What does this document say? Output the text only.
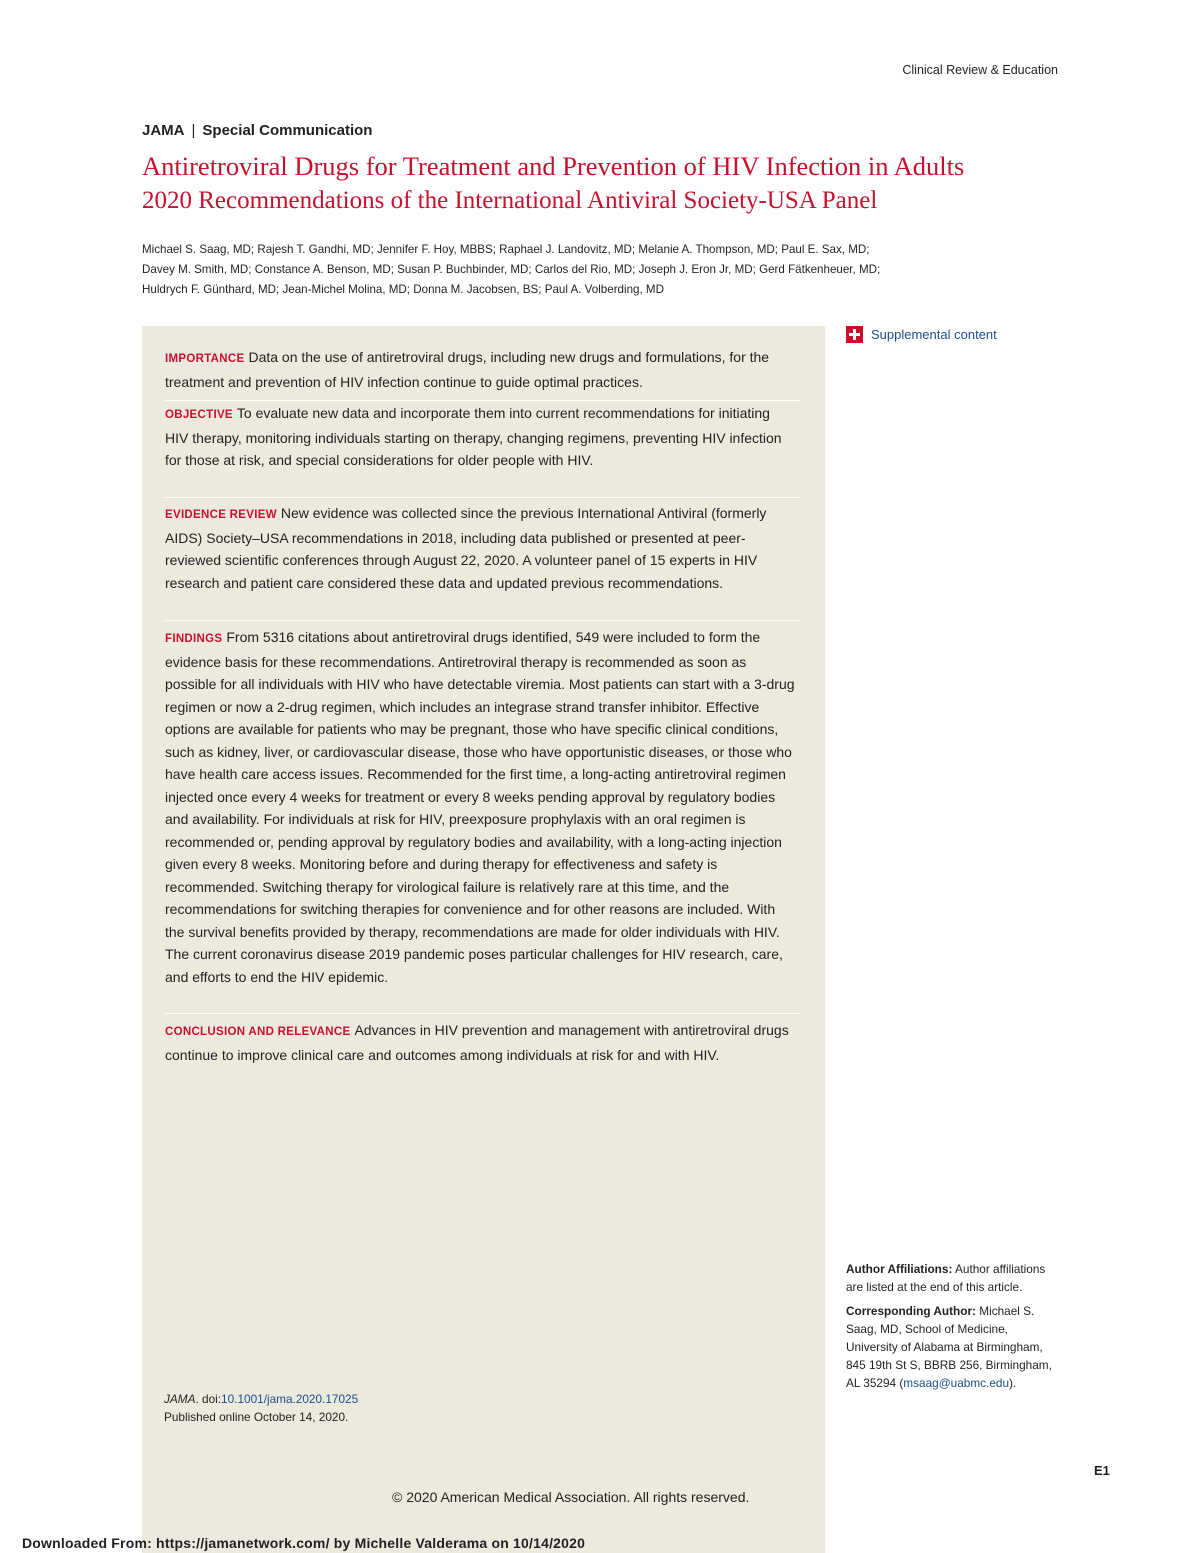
Clinical Review & Education
JAMA | Special Communication
Antiretroviral Drugs for Treatment and Prevention of HIV Infection in Adults
2020 Recommendations of the International Antiviral Society-USA Panel
Michael S. Saag, MD; Rajesh T. Gandhi, MD; Jennifer F. Hoy, MBBS; Raphael J. Landovitz, MD; Melanie A. Thompson, MD; Paul E. Sax, MD;
Davey M. Smith, MD; Constance A. Benson, MD; Susan P. Buchbinder, MD; Carlos del Rio, MD; Joseph J. Eron Jr, MD; Gerd Fätkenheuer, MD;
Huldrych F. Günthard, MD; Jean-Michel Molina, MD; Donna M. Jacobsen, BS; Paul A. Volberding, MD
IMPORTANCE Data on the use of antiretroviral drugs, including new drugs and formulations, for the treatment and prevention of HIV infection continue to guide optimal practices.
OBJECTIVE To evaluate new data and incorporate them into current recommendations for initiating HIV therapy, monitoring individuals starting on therapy, changing regimens, preventing HIV infection for those at risk, and special considerations for older people with HIV.
EVIDENCE REVIEW New evidence was collected since the previous International Antiviral (formerly AIDS) Society–USA recommendations in 2018, including data published or presented at peer-reviewed scientific conferences through August 22, 2020. A volunteer panel of 15 experts in HIV research and patient care considered these data and updated previous recommendations.
FINDINGS From 5316 citations about antiretroviral drugs identified, 549 were included to form the evidence basis for these recommendations. Antiretroviral therapy is recommended as soon as possible for all individuals with HIV who have detectable viremia. Most patients can start with a 3-drug regimen or now a 2-drug regimen, which includes an integrase strand transfer inhibitor. Effective options are available for patients who may be pregnant, those who have specific clinical conditions, such as kidney, liver, or cardiovascular disease, those who have opportunistic diseases, or those who have health care access issues. Recommended for the first time, a long-acting antiretroviral regimen injected once every 4 weeks for treatment or every 8 weeks pending approval by regulatory bodies and availability. For individuals at risk for HIV, preexposure prophylaxis with an oral regimen is recommended or, pending approval by regulatory bodies and availability, with a long-acting injection given every 8 weeks. Monitoring before and during therapy for effectiveness and safety is recommended. Switching therapy for virological failure is relatively rare at this time, and the recommendations for switching therapies for convenience and for other reasons are included. With the survival benefits provided by therapy, recommendations are made for older individuals with HIV. The current coronavirus disease 2019 pandemic poses particular challenges for HIV research, care, and efforts to end the HIV epidemic.
CONCLUSION AND RELEVANCE Advances in HIV prevention and management with antiretroviral drugs continue to improve clinical care and outcomes among individuals at risk for and with HIV.
Supplemental content
JAMA. doi:10.1001/jama.2020.17025
Published online October 14, 2020.

Author Affiliations: Author affiliations are listed at the end of this article.

Corresponding Author: Michael S. Saag, MD, School of Medicine, University of Alabama at Birmingham, 845 19th St S, BBRB 256, Birmingham, AL 35294 (msaag@uabmc.edu).

E1
© 2020 American Medical Association. All rights reserved.
Downloaded From: https://jamanetwork.com/ by Michelle Valderama on 10/14/2020
